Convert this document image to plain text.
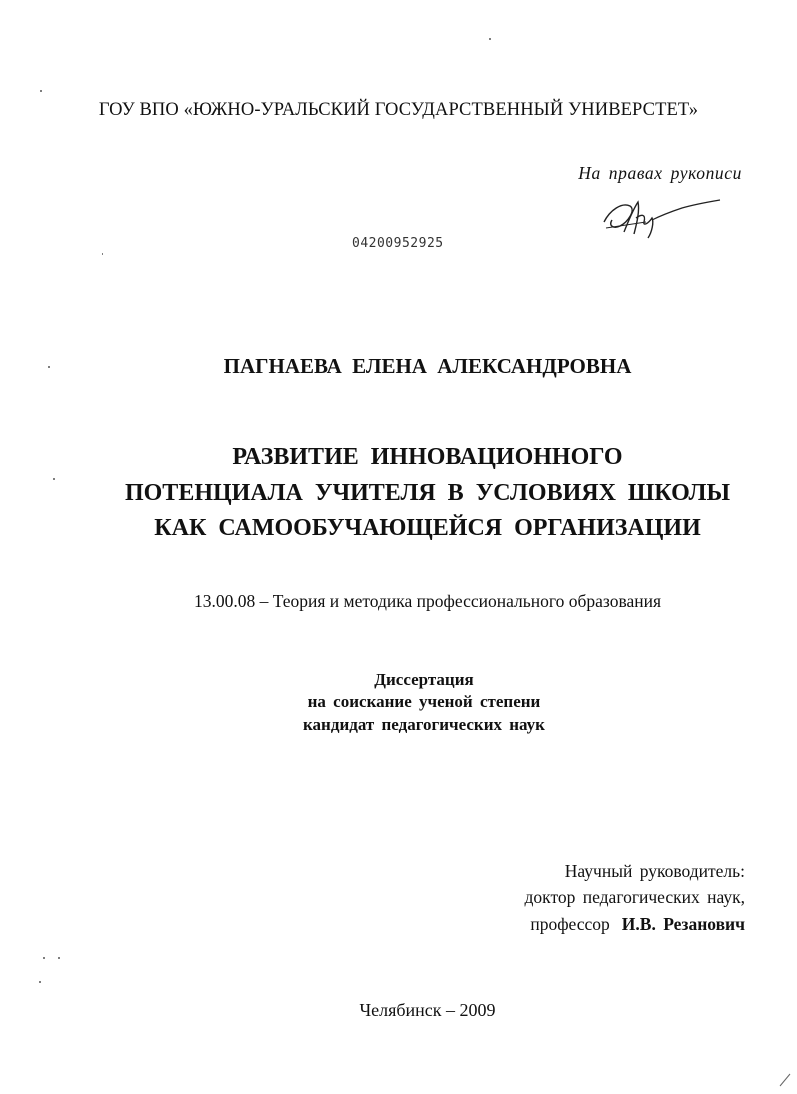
ГОУ ВПО «ЮЖНО-УРАЛЬСКИЙ ГОСУДАРСТВЕННЫЙ УНИВЕРСТЕТ»
На правах рукописи
04200952925
ПАГНАЕВА ЕЛЕНА АЛЕКСАНДРОВНА
РАЗВИТИЕ ИННОВАЦИОННОГО
ПОТЕНЦИАЛА УЧИТЕЛЯ В УСЛОВИЯХ ШКОЛЫ
КАК САМООБУЧАЮЩЕЙСЯ ОРГАНИЗАЦИИ
13.00.08 – Теория и методика профессионального образования
Диссертация
на соискание ученой степени
кандидат педагогических наук
Научный руководитель:
доктор педагогических наук,
профессор И.В. Резанович
Челябинск – 2009
